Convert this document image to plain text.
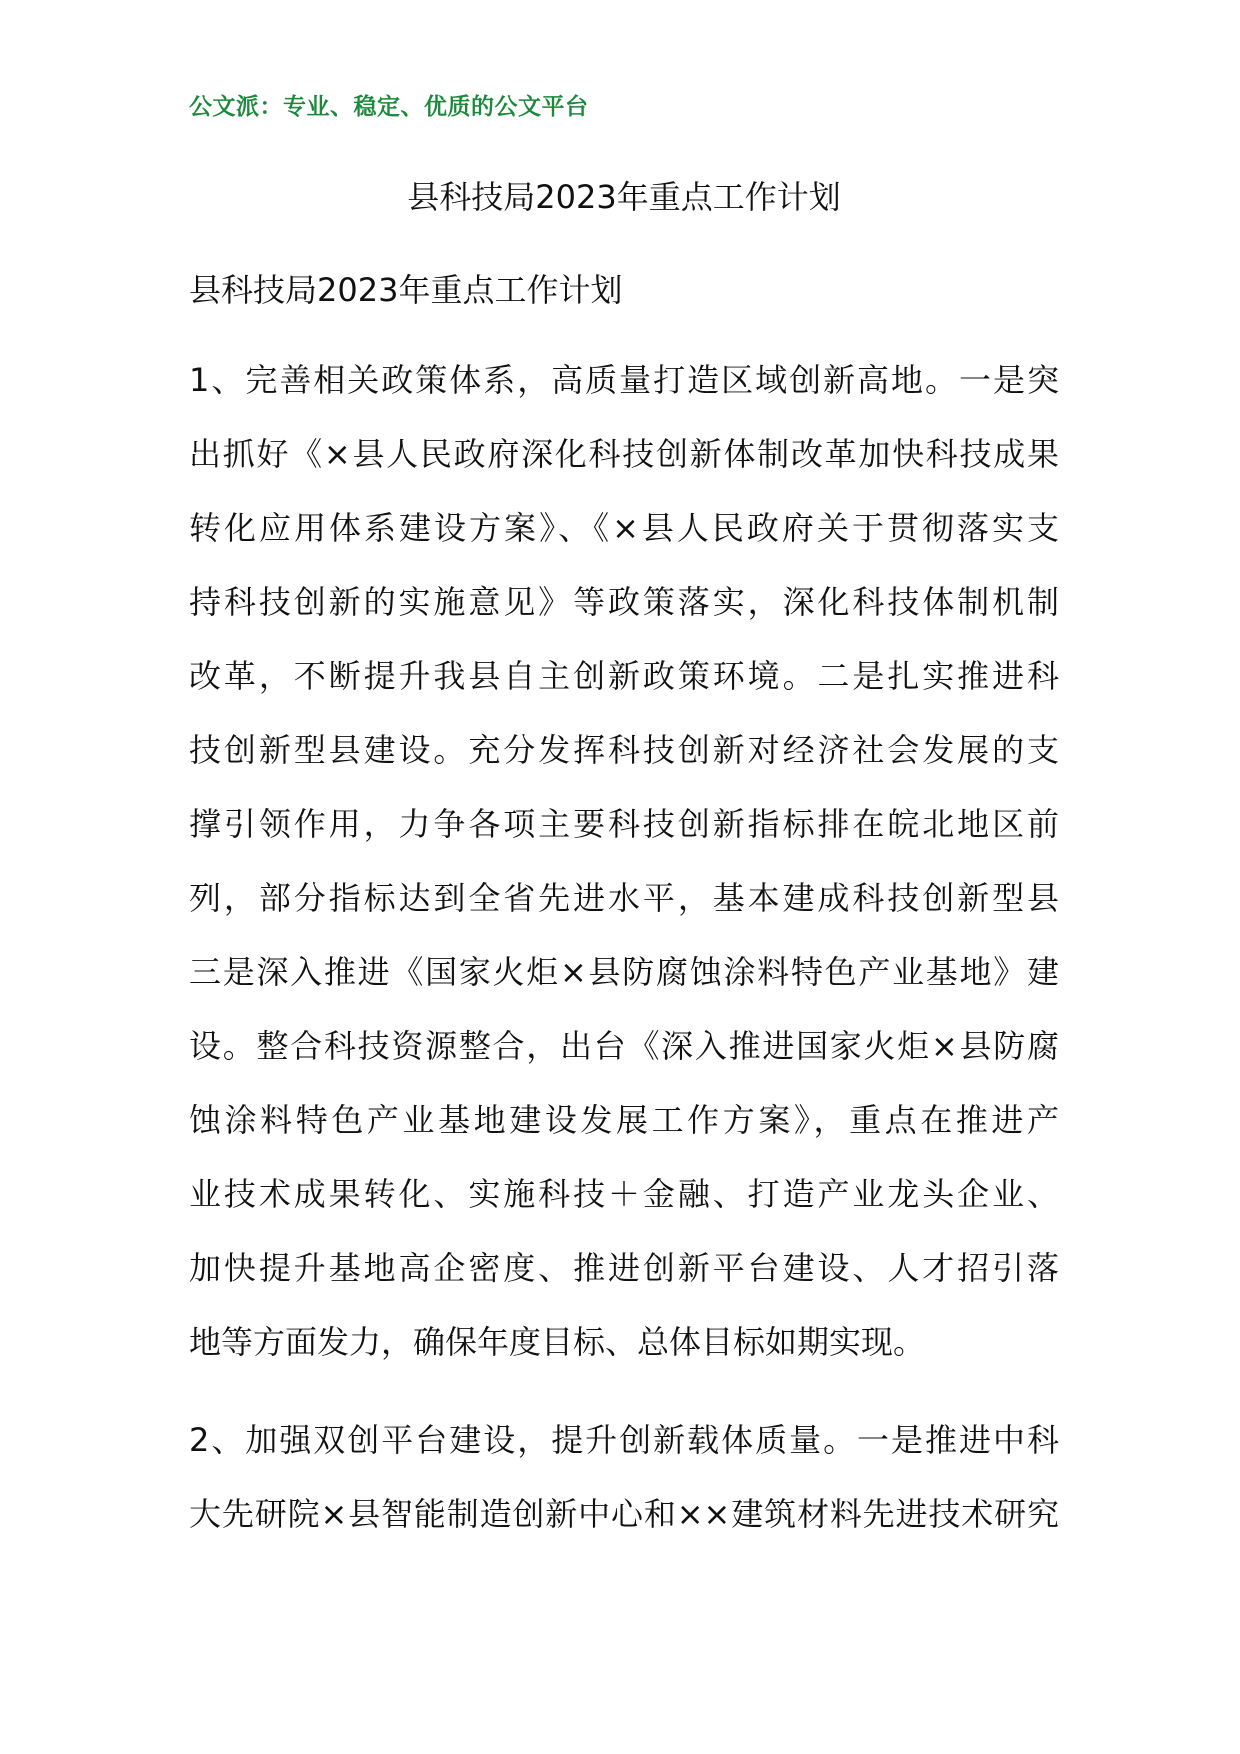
公文派：专业、稳定、优质的公文平台
县科技局2023年重点工作计划
县科技局2023年重点工作计划
1、完善相关政策体系，高质量打造区域创新高地。一是突
出抓好《×县人民政府深化科技创新体制改革加快科技成果
转化应用体系建设方案》、《×县人民政府关于贯彻落实支
持科技创新的实施意见》等政策落实，深化科技体制机制
改革，不断提升我县自主创新政策环境。二是扎实推进科
技创新型县建设。充分发挥科技创新对经济社会发展的支
撑引领作用，力争各项主要科技创新指标排在皖北地区前
列，部分指标达到全省先进水平，基本建成科技创新型县
三是深入推进《国家火炬×县防腐蚀涂料特色产业基地》建
设。整合科技资源整合，出台《深入推进国家火炬×县防腐
蚀涂料特色产业基地建设发展工作方案》，重点在推进产
业技术成果转化、实施科技＋金融、打造产业龙头企业、
加快提升基地高企密度、推进创新平台建设、人才招引落
地等方面发力，确保年度目标、总体目标如期实现。
2、加强双创平台建设，提升创新载体质量。一是推进中科
大先研院×县智能制造创新中心和××建筑材料先进技术研究
